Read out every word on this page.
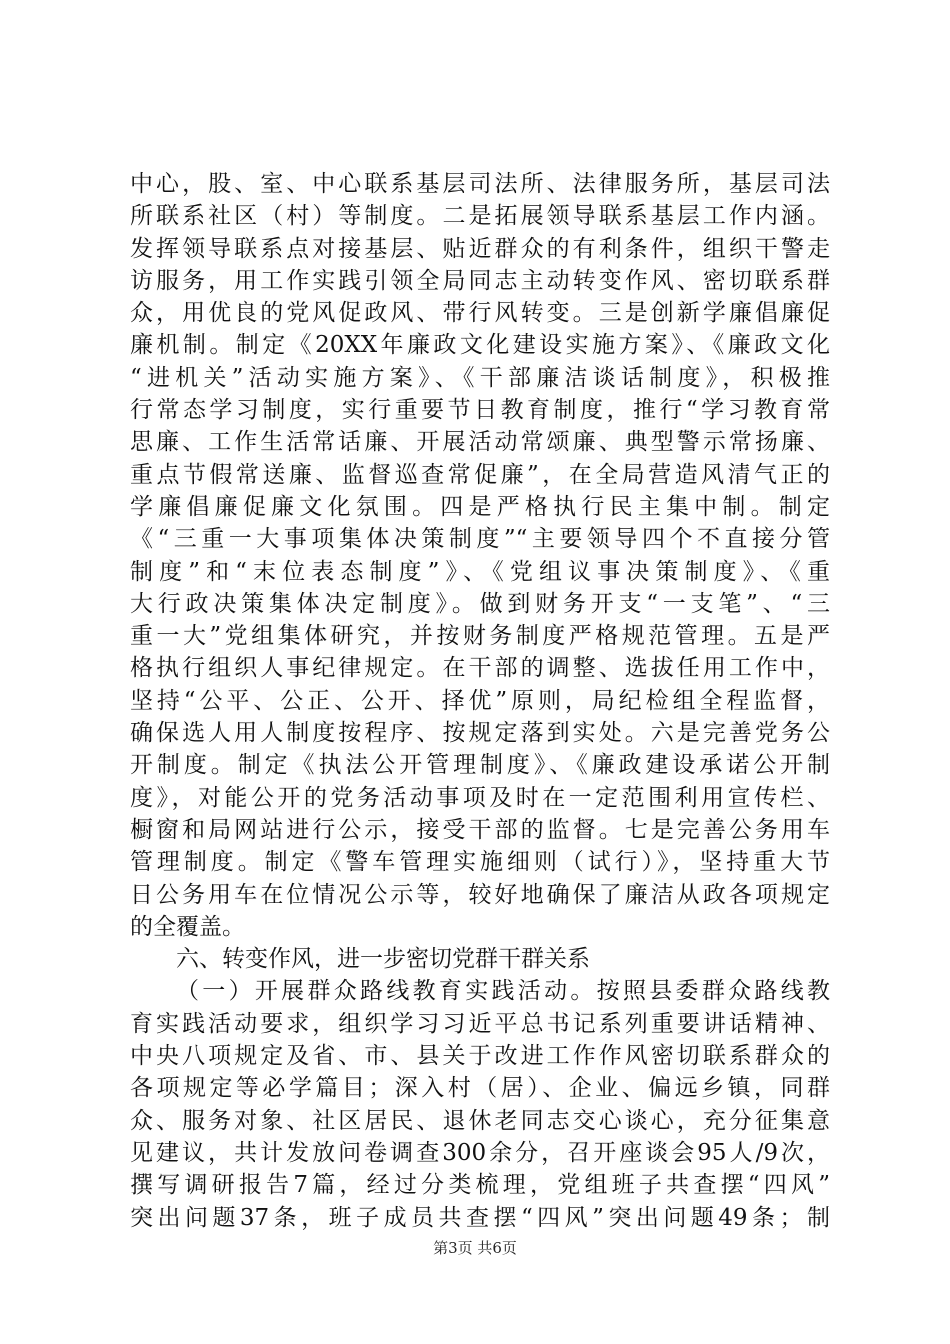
中心，股、室、中心联系基层司法所、法律服务所，基层司法
所联系社区（村）等制度。二是拓展领导联系基层工作内涵。
发挥领导联系点对接基层、贴近群众的有利条件，组织干警走
访服务，用工作实践引领全局同志主动转变作风、密切联系群
众，用优良的党风促政风、带行风转变。三是创新学廉倡廉促
廉机制。制定《20XX年廉政文化建设实施方案》、《廉政文化
“进机关”活动实施方案》、《干部廉洁谈话制度》，积极推
行常态学习制度，实行重要节日教育制度，推行“学习教育常
思廉、工作生活常话廉、开展活动常颂廉、典型警示常扬廉、
重点节假常送廉、监督巡查常促廉”，在全局营造风清气正的
学廉倡廉促廉文化氛围。四是严格执行民主集中制。制定
《“三重一大事项集体决策制度”“主要领导四个不直接分管
制度”和“末位表态制度”》、《党组议事决策制度》、《重
大行政决策集体决定制度》。做到财务开支“一支笔”、“三
重一大”党组集体研究，并按财务制度严格规范管理。五是严
格执行组织人事纪律规定。在干部的调整、选拔任用工作中，
坚持“公平、公正、公开、择优”原则，局纪检组全程监督，
确保选人用人制度按程序、按规定落到实处。六是完善党务公
开制度。制定《执法公开管理制度》、《廉政建设承诺公开制
度》，对能公开的党务活动事项及时在一定范围利用宣传栏、
橱窗和局网站进行公示，接受干部的监督。七是完善公务用车
管理制度。制定《警车管理实施细则（试行）》，坚持重大节
日公务用车在位情况公示等，较好地确保了廉洁从政各项规定
的全覆盖。
六、转变作风，进一步密切党群干群关系
（一）开展群众路线教育实践活动。按照县委群众路线教
育实践活动要求，组织学习习近平总书记系列重要讲话精神、
中央八项规定及省、市、县关于改进工作作风密切联系群众的
各项规定等必学篇目；深入村（居）、企业、偏远乡镇，同群
众、服务对象、社区居民、退休老同志交心谈心，充分征集意
见建议，共计发放问卷调查300余分，召开座谈会95人/9次，
撰写调研报告7篇，经过分类梳理，党组班子共查摆“四风”
突出问题37条，班子成员共查摆“四风”突出问题49条；制
第3页 共6页
